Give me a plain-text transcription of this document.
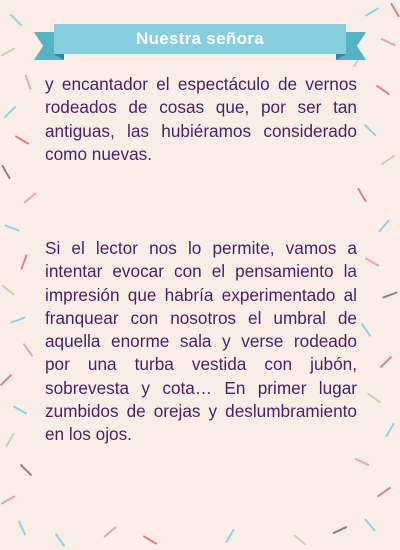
Nuestra señora

y encantador el espectáculo de vernos rodeados de cosas que, por ser tan antiguas, las hubiéramos considerado como nuevas.

Si el lector nos lo permite, vamos a intentar evocar con el pensamiento la impresión que habría experimentado al franquear con nosotros el umbral de aquella enorme sala y verse rodeado por una turba vestida con jubón, sobrevesta y cota… En primer lugar zumbidos de orejas y deslumbramiento en los ojos.
